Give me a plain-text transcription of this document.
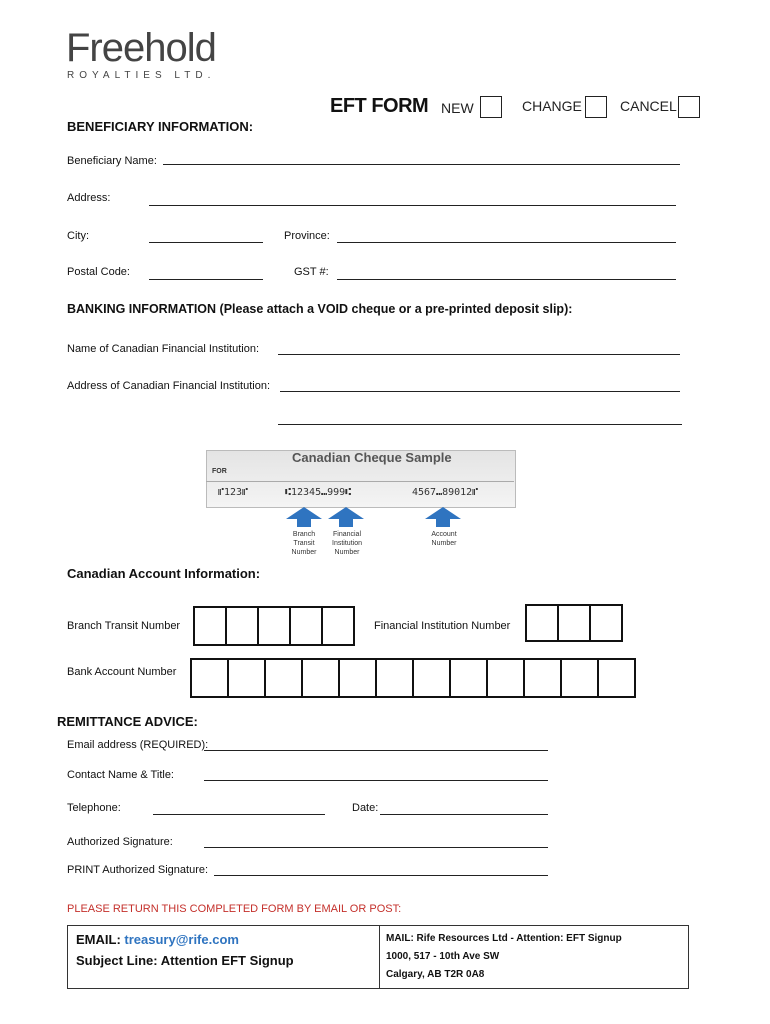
Freehold
ROYALTIES LTD.
EFT FORM NEW	CHANGE	CANCEL
BENEFICIARY INFORMATION:
Beneficiary Name:
Address:
City:	Province:
Postal Code:	GST #:
BANKING INFORMATION (Please attach a VOID cheque or a pre-printed deposit slip):
Name of Canadian Financial Institution:
Address of Canadian Financial Institution:
Canadian Cheque Sample
FOR
⑈123⑈	⑆12345⑉999⑆	4567⑉89012⑈
Branch
Transit
Number
Financial
Institution
Number
Account
Number
Canadian Account Information:
Branch Transit Number	Financial Institution Number
Bank Account Number
REMITTANCE ADVICE:
Email address (REQUIRED):
Contact Name & Title:
Telephone:	Date:
Authorized Signature:
PRINT Authorized Signature:
PLEASE RETURN THIS COMPLETED FORM BY EMAIL OR POST:
EMAIL: treasury@rife.com
Subject Line: Attention EFT Signup
MAIL: Rife Resources Ltd - Attention: EFT Signup
1000, 517 - 10th Ave SW
Calgary, AB T2R 0A8
